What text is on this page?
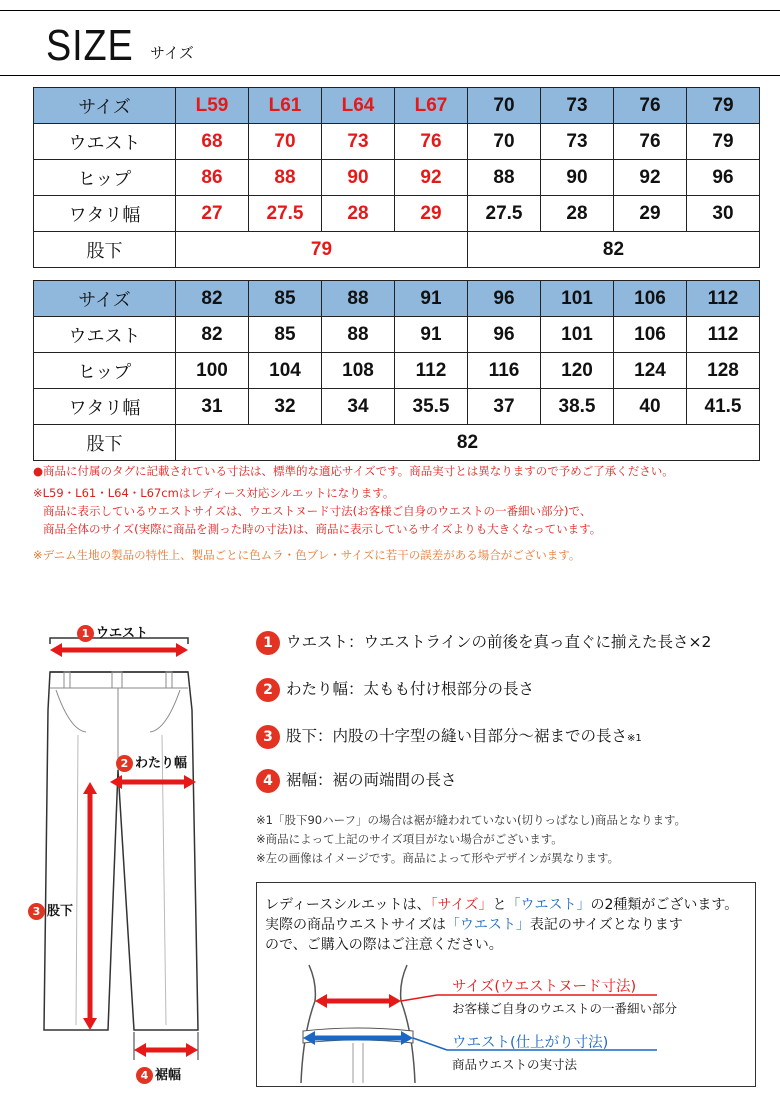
SIZE サイズ
サイズ	L59	L61	L64	L67	70	73	76	79
ウエスト	68	70	73	76	70	73	76	79
ヒップ	86	88	90	92	88	90	92	96
ワタリ幅	27	27.5	28	29	27.5	28	29	30
股下	79				82			
サイズ	82	85	88	91	96	101	106	112
ウエスト	82	85	88	91	96	101	106	112
ヒップ	100	104	108	112	116	120	124	128
ワタリ幅	31	32	34	35.5	37	38.5	40	41.5
股下	82							
●商品に付属のタグに記載されている寸法は、標準的な適応サイズです。商品実寸とは異なりますので予めご了承ください。
※L59・L61・L64・L67cmはレディース対応シルエットになります。
商品に表示しているウエストサイズは、ウエストヌード寸法(お客様ご自身のウエストの一番細い部分)で、
商品全体のサイズ(実際に商品を測った時の寸法)は、商品に表示しているサイズよりも大きくなっています。
※デニム生地の製品の特性上、製品ごとに色ムラ・色ブレ・サイズに若干の誤差がある場合がございます。
1 ウエスト
2 わたり幅
3 股下
4 裾幅
1 ウエスト：ウエストラインの前後を真っ直ぐに揃えた長さ×2
2 わたり幅：太もも付け根部分の長さ
3 股下：内股の十字型の縫い目部分〜裾までの長さ※1
4 裾幅：裾の両端間の長さ
※1「股下90ハーフ」の場合は裾が縫われていない(切りっぱなし)商品となります。
※商品によって上記のサイズ項目がない場合がございます。
※左の画像はイメージです。商品によって形やデザインが異なります。
レディースシルエットは、「サイズ」と「ウエスト」の2種類がございます。
実際の商品ウエストサイズは「ウエスト」表記のサイズとなります
ので、ご購入の際はご注意ください。
サイズ(ウエストヌード寸法)
お客様ご自身のウエストの一番細い部分
ウエスト(仕上がり寸法)
商品ウエストの実寸法
